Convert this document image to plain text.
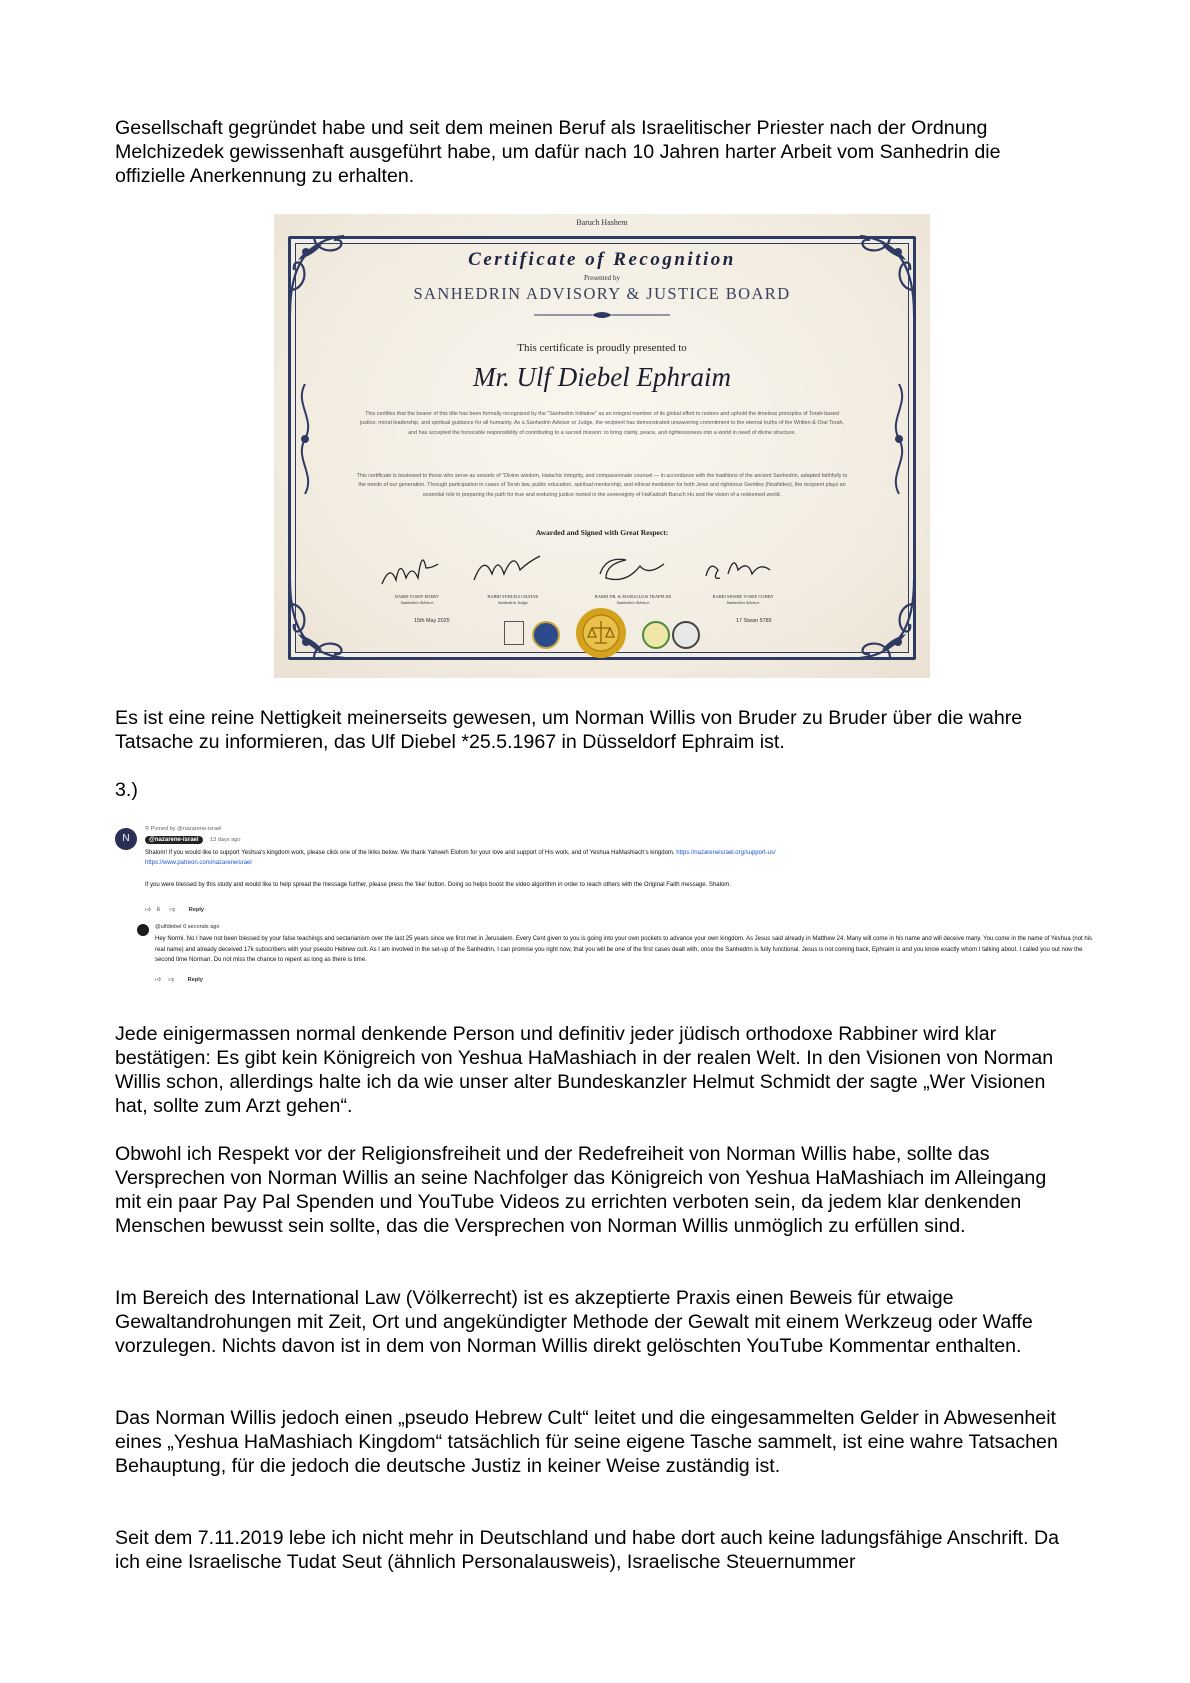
Gesellschaft gegründet habe und seit dem meinen Beruf als Israelitischer Priester nach der Ordnung Melchizedek gewissenhaft ausgeführt habe, um dafür nach 10 Jahren harter Arbeit vom Sanhedrin die offizielle Anerkennung zu erhalten.

Baruch Hashem
Certificate of Recognition
Presented by
SANHEDRIN ADVISORY & JUSTICE BOARD
This certificate is proudly presented to
Mr. Ulf Diebel Ephraim
This certifies that the bearer of this title has been formally recognized by the "Sanhedrin Initiative" as an integral member of its global effort to restore and uphold the timeless principles of Torah-based justice, moral leadership, and spiritual guidance for all humanity. As a Sanhedrin Advisor or Judge, the recipient has demonstrated unwavering commitment to the eternal truths of the Written & Oral Torah, and has accepted the honorable responsibility of contributing to a sacred mission: to bring clarity, peace, and righteousness into a world in need of divine structure.
This certificate is bestowed to those who serve as vessels of "Divine wisdom, Halachic integrity, and compassionate counsel — in accordance with the traditions of the ancient Sanhedrin, adapted faithfully to the needs of our generation. Through participation in cases of Torah law, public education, spiritual mentorship, and ethical mediation for both Jews and righteous Gentiles (Noahides), the recipient plays an essential role in preparing the path for true and enduring justice rooted in the sovereignty of HaKadosh Baruch Hu and the vision of a redeemed world.
Awarded and Signed with Great Respect:
RABBI YOSEF EDERY
Sanhedrin Advisor
RABBI YEHUDA CHATAK
Sanhedrin Judge
RABBI DR. & MARGOLIOS TRAPPLER
Sanhedrin Advisor
RABBI MOSHE YOSEF COHEN
Sanhedrin Advisor
15th May 2025	17 Siwan 5785

Es ist eine reine Nettigkeit meinerseits gewesen, um Norman Willis von Bruder zu Bruder über die wahre Tatsache zu informieren, das Ulf Diebel *25.5.1967 in Düsseldorf Ephraim ist.

3.)

N
⚲ Pinned by @nazarene-israel
@nazarene-israel	13 days ago
Shalom! If you would like to support Yeshua's kingdom work, please click one of the links below. We thank Yahweh Elohim for your love and support of His work, and of Yeshua HaMashiach's kingdom. https://nazareneisrael.org/support-us/
https://www.patreon.com/nazareneisrael
If you were blessed by this study and would like to help spread the message further, please press the 'like' button. Doing so helps boost the video algorithm in order to reach others with the Original Faith message. Shalom.
👍︎ 6 👎︎ Reply
@ulfdiebel 0 seconds ago
Hey Normi. No I have not been blessed by your false teachings and sectarianism over the last 25 years since we first met in Jerusalem. Every Cent given to you is going into your own pockets to advance your own kingdom. As Jesus said already in Matthew 24. Many will come in his name and will deceive many. You come in the name of Yeshua (not his real name) and already deceived 17k subscribers with your pseudo Hebrew cult. As I am involved in the set-up of the Sanhedrin, I can promise you right now, that you will be one of the first cases dealt with, once the Sanhedrin is fully functional. Jesus is not coming back, Ephraim is and you know exactly whom I talking about. I called you out now the second time Norman. Do not miss the chance to repent as long as there is time.
👍︎ 👎︎ Reply

Jede einigermassen normal denkende Person und definitiv jeder jüdisch orthodoxe Rabbiner wird klar bestätigen: Es gibt kein Königreich von Yeshua HaMashiach in der realen Welt. In den Visionen von Norman Willis schon, allerdings halte ich da wie unser alter Bundeskanzler Helmut Schmidt der sagte „Wer Visionen hat, sollte zum Arzt gehen“.

Obwohl ich Respekt vor der Religionsfreiheit und der Redefreiheit von Norman Willis habe, sollte das Versprechen von Norman Willis an seine Nachfolger das Königreich von Yeshua HaMashiach im Alleingang mit ein paar Pay Pal Spenden und YouTube Videos zu errichten verboten sein, da jedem klar denkenden Menschen bewusst sein sollte, das die Versprechen von Norman Willis unmöglich zu erfüllen sind.

Im Bereich des International Law (Völkerrecht) ist es akzeptierte Praxis einen Beweis für etwaige Gewaltandrohungen mit Zeit, Ort und angekündigter Methode der Gewalt mit einem Werkzeug oder Waffe vorzulegen. Nichts davon ist in dem von Norman Willis direkt gelöschten YouTube Kommentar enthalten.

Das Norman Willis jedoch einen „pseudo Hebrew Cult“ leitet und die eingesammelten Gelder in Abwesenheit eines „Yeshua HaMashiach Kingdom“ tatsächlich für seine eigene Tasche sammelt, ist eine wahre Tatsachen Behauptung, für die jedoch die deutsche Justiz in keiner Weise zuständig ist.

Seit dem 7.11.2019 lebe ich nicht mehr in Deutschland und habe dort auch keine ladungsfähige Anschrift. Da ich eine Israelische Tudat Seut (ähnlich Personalausweis), Israelische Steuernummer
